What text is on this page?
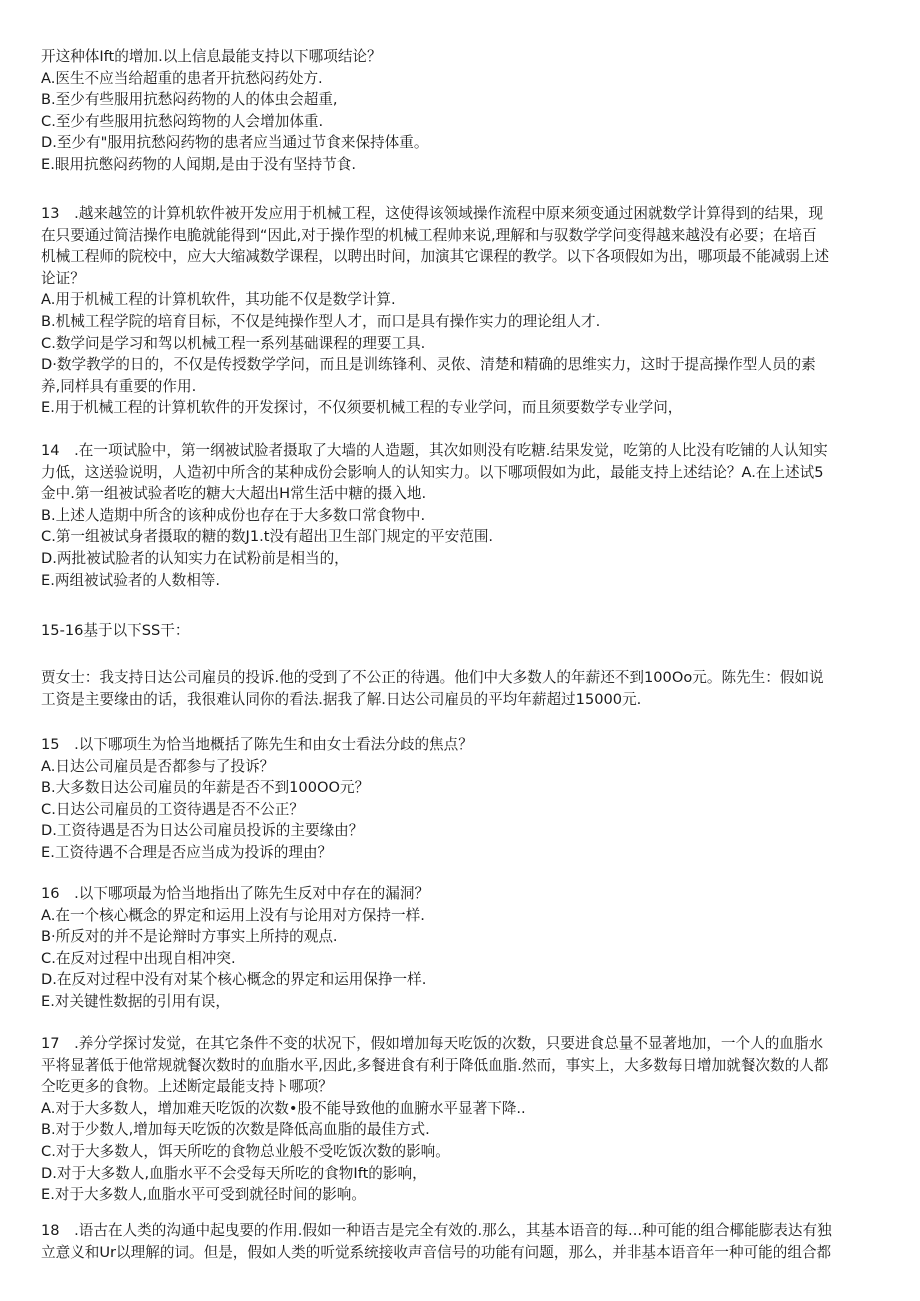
开这种体Ift的增加.以上信息最能支持以下哪项结论？
A.医生不应当给超重的患者开抗愁闷药处方.
B.至少有些服用抗愁闷药物的人的体虫会超重,
C.至少有些服用抗愁闷筠物的人会增加体重.
D.至少有"服用抗愁闷药物的患者应当通过节食来保持体重。
E.眼用抗憋闷药物的人闻期,是由于没有坚持节食.
13　.越来越笠的计算机软件被开发应用于机械工程，这使得该领域操作流程中原来须变通过困就数学计算得到的结果，现
在只要通过简洁操作电脆就能得到“因此,对于操作型的机械工程帅来说,理解和与驭数学学问变得越来越没有必要；在培百
机械工程师的院校中，应大大缩减数学课程，以聘出时间，加演其它课程的教学。以下各项假如为出，哪项最不能减弱上述
论证？
A.用于机械工程的计算机软件，其功能不仅是数学计算.
B.机械工程学院的培育目标，不仅是纯操作型人才，而口是具有操作实力的理论组人才.
C.数学问是学习和驾以机械工程一系列基础课程的理要工具.
D·数学教学的日的，不仅是传授数学学问，而且是训练锋利、灵侬、清楚和精确的思维实力，这时于提高操作型人员的素
养,同样具有重要的作用.
E.用于机械工程的计算机软件的开发探讨，不仅须要机械工程的专业学问，而且须要数学专业学问，
14　.在一项试脸中，第一纲被试脸者摄取了大墙的人造题，其次如则没有吃糖.结果发觉，吃第的人比没有吃铺的人认知实
力低，这送验说明，人造初中所含的某种成份会影响人的认知实力。以下哪项假如为此，最能支持上述结论？A.在上述试5
金中.第一组被试验者吃的糖大大超出H常生活中糖的摄入地.
B.上述人造期中所含的该种成份也存在于大多数口常食物中.
C.第一组被试身者摄取的糖的数J1.t没有超出卫生部门规定的平安范围.
D.两批被试脸者的认知实力在试粉前是相当的，
E.两组被试验者的人数相等.
15-16基于以下SS干：
贾女士：我支持日达公司雇员的投诉.他的受到了不公正的待遇。他们中大多数人的年薪还不到100Oo元。陈先生：假如说
工资是主要缘由的话，我很难认同你的看法.据我了解.日达公司雇员的平均年薪超过15000元.
15　.以下哪项生为恰当地概括了陈先生和由女士看法分歧的焦点？
A.日达公司雇员是否都参与了投诉？
B.大多数日达公司雇员的年薪是否不到100OO元？
C.日达公司雇员的工资待遇是否不公正？
D.工资待遇是否为日达公司雇员投诉的主要缘由？
E.工资待遇不合理是否应当成为投诉的理由？
16　.以下哪项最为恰当地指出了陈先生反对中存在的漏洞？
A.在一个核心概念的界定和运用上没有与论用对方保持一样.
B·所反对的并不是论辩时方事实上所持的观点.
C.在反对过程中出现自相冲突.
D.在反对过程中没有对某个核心概念的界定和运用保挣一样.
E.对关键性数据的引用有误，
17　.养分学探讨发觉，在其它条件不变的状况下，假如增加每天吃饭的次数，只要进食总量不显著地加，一个人的血脂水
平将显著低于他常规就餐次数时的血脂水平,因此,多餐进食有利于降低血脂.然而，事实上，大多数每日增加就餐次数的人都
仝吃更多的食物。上述断定最能支持ト哪项？
A.对于大多数人，增加难天吃饭的次数•股不能导致他的血腑水平显著下降..
B.对于少数人,增加每天吃饭的次数是降低高血脂的最佳方式.
C.对于大多数人，饵天所吃的食物总业般不受吃饭次数的影响。
D.对于大多数人,血脂水平不会受每天所吃的食物Ift的影响，
E.对于大多数人,血脂水平可受到就径时间的影响。
18　.语古在人类的沟通中起曳要的作用.假如一种语吉是完全有效的.那么，其基本语音的每...种可能的组合椰能膨表达有独
立意义和Ur以理解的词。但是，假如人类的听觉系统接收声音信号的功能有问题，那么，并非基本语音年一种可能的组合都
